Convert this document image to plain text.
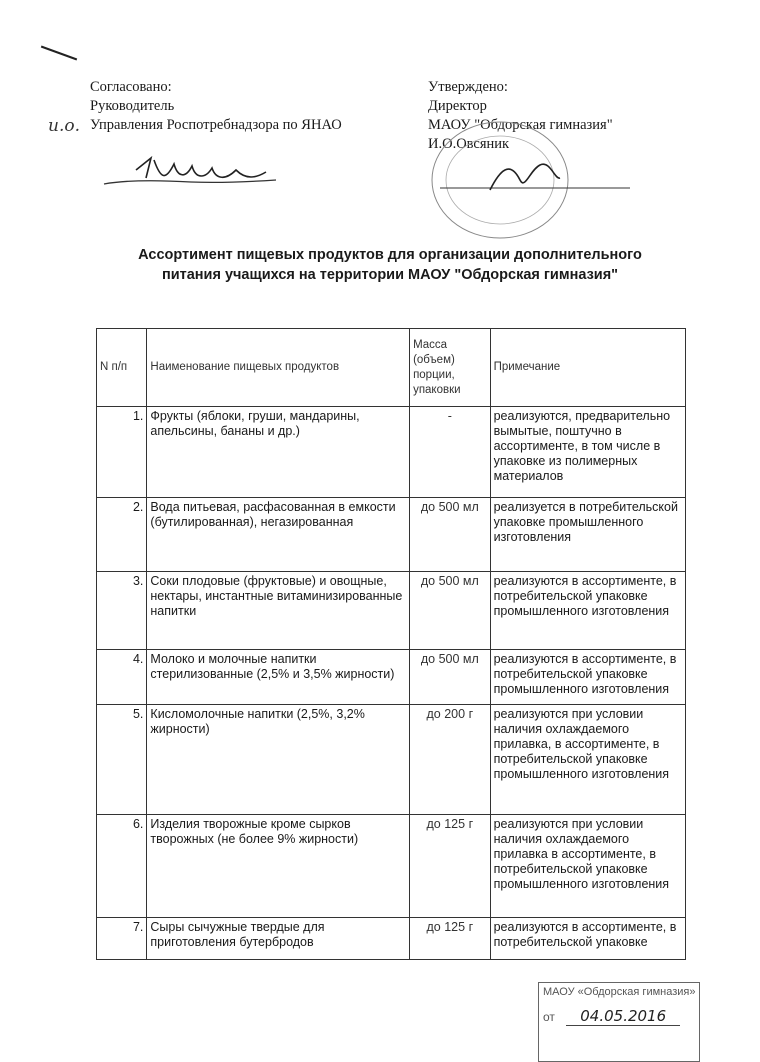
и.о.
Согласовано:
Руководитель
Управления Роспотребнадзора по ЯНАО
Утверждено:
Директор
МАОУ "Обдорская гимназия"
И.О.Овсяник
Ассортимент пищевых продуктов для организации дополнительного
питания учащихся на территории МАОУ "Обдорская гимназия"
N п/п	Наименование пищевых продуктов	Масса (объем) порции, упаковки	Примечание
1.	Фрукты (яблоки, груши, мандарины, апельсины, бананы и др.)	-	реализуются, предварительно вымытые, поштучно в ассортименте, в том числе в упаковке из полимерных материалов
2.	Вода питьевая, расфасованная в емкости (бутилированная), негазированная	до 500 мл	реализуется в потребительской упаковке промышленного изготовления
3.	Соки плодовые (фруктовые) и овощные, нектары, инстантные витаминизированные напитки	до 500 мл	реализуются в ассортименте, в потребительской упаковке промышленного изготовления
4.	Молоко и молочные напитки стерилизованные (2,5% и 3,5% жирности)	до 500 мл	реализуются в ассортименте, в потребительской упаковке промышленного изготовления
5.	Кисломолочные напитки (2,5%, 3,2% жирности)	до 200 г	реализуются при условии наличия охлаждаемого прилавка, в ассортименте, в потребительской упаковке промышленного изготовления
6.	Изделия творожные кроме сырков творожных (не более 9% жирности)	до 125 г	реализуются при условии наличия охлаждаемого прилавка в ассортименте, в потребительской упаковке промышленного изготовления
7.	Сыры сычужные твердые для приготовления бутербродов	до 125 г	реализуются в ассортименте, в потребительской упаковке
МАОУ «Обдорская гимназия»
от 04.05.2016
